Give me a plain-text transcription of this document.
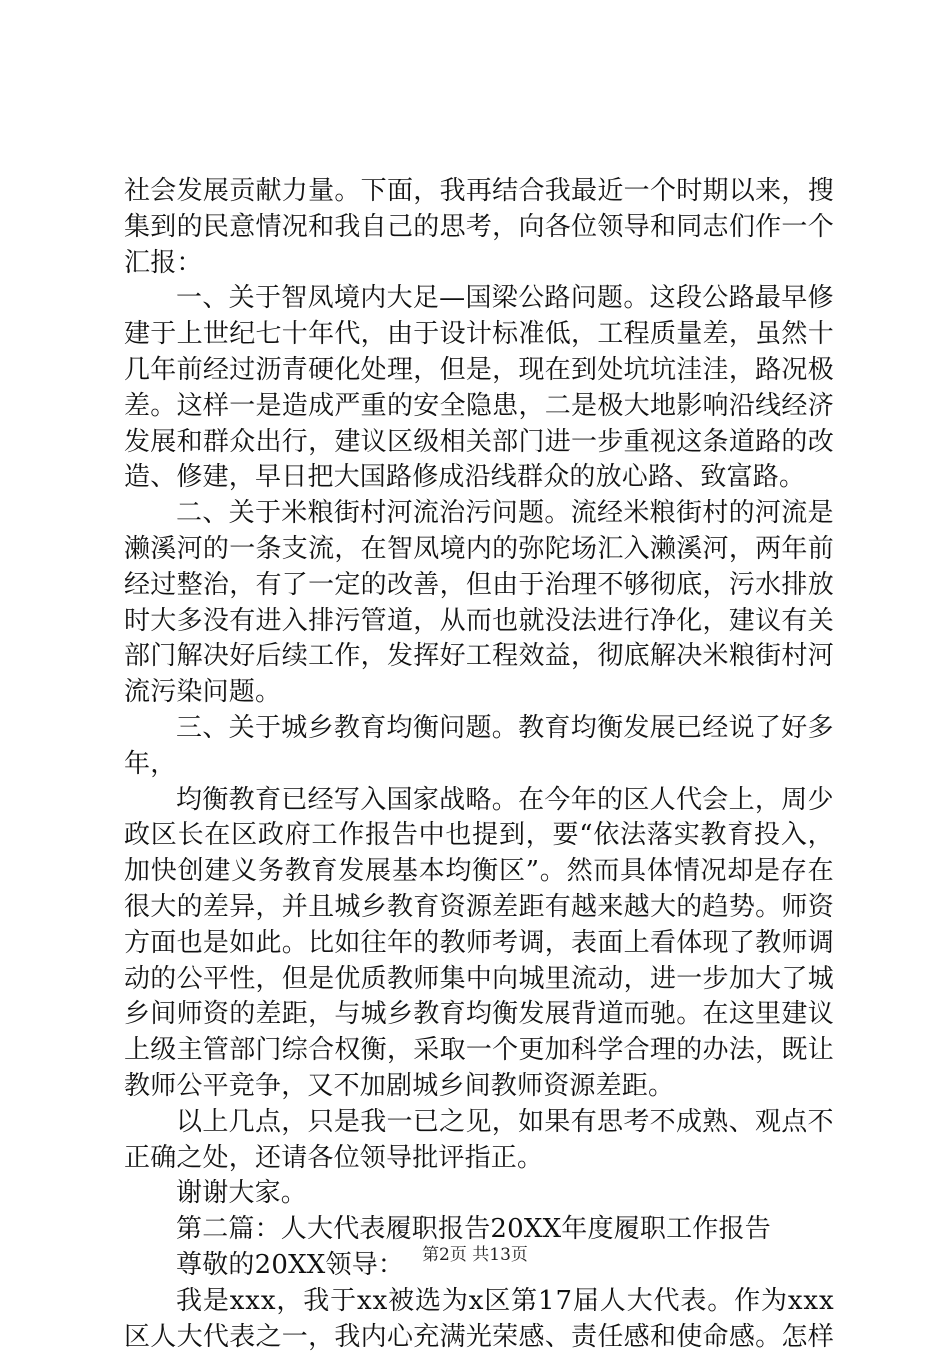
社 会 发 展 贡 献 力 量 。 下 面 ， 我 再 结 合 我 最 近 一 个 时 期 以 来 ， 搜
集 到 的 民 意 情 况 和 我 自 己 的 思 考 ， 向 各 位 领 导 和 同 志 们 作 一 个
汇报：
一 、 关 于 智 凤 境 内 大 足 — 国 梁 公 路 问 题 。 这 段 公 路 最 早 修
建 于 上 世 纪 七 十 年 代 ， 由 于 设 计 标 准 低 ， 工 程 质 量 差 ， 虽 然 十
几 年 前 经 过 沥 青 硬 化 处 理 ， 但 是 ， 现 在 到 处 坑 坑 洼 洼 ， 路 况 极
差 。 这 样 一 是 造 成 严 重 的 安 全 隐 患 ， 二 是 极 大 地 影 响 沿 线 经 济
发 展 和 群 众 出 行 ， 建 议 区 级 相 关 部 门 进 一 步 重 视 这 条 道 路 的 改
造、修建，早日把大国路修成沿线群众的放心路、致富路。
二 、 关 于 米 粮 街 村 河 流 治 污 问 题 。 流 经 米 粮 街 村 的 河 流 是
濑 溪 河 的 一 条 支 流 ， 在 智 凤 境 内 的 弥 陀 场 汇 入 濑 溪 河 ， 两 年 前
经 过 整 治 ， 有 了 一 定 的 改 善 ， 但 由 于 治 理 不 够 彻 底 ， 污 水 排 放
时 大 多 没 有 进 入 排 污 管 道 ， 从 而 也 就 没 法 进 行 净 化 ， 建 议 有 关
部 门 解 决 好 后 续 工 作 ， 发 挥 好 工 程 效 益 ， 彻 底 解 决 米 粮 街 村 河
流污染问题。
三 、 关 于 城 乡 教 育 均 衡 问 题 。 教 育 均 衡 发 展 已 经 说 了 好 多
年，
均 衡 教 育 已 经 写 入 国 家 战 略 。 在 今 年 的 区 人 代 会 上 ， 周 少
政 区 长 在 区 政 府 工 作 报 告 中 也 提 到 ， 要 “ 依 法 落 实 教 育 投 入 ，
加 快 创 建 义 务 教 育 发 展 基 本 均 衡 区 ” 。 然 而 具 体 情 况 却 是 存 在
很 大 的 差 异 ， 并 且 城 乡 教 育 资 源 差 距 有 越 来 越 大 的 趋 势 。 师 资
方 面 也 是 如 此 。 比 如 往 年 的 教 师 考 调 ， 表 面 上 看 体 现 了 教 师 调
动 的 公 平 性 ， 但 是 优 质 教 师 集 中 向 城 里 流 动 ， 进 一 步 加 大 了 城
乡 间 师 资 的 差 距 ， 与 城 乡 教 育 均 衡 发 展 背 道 而 驰 。 在 这 里 建 议
上 级 主 管 部 门 综 合 权 衡 ， 采 取 一 个 更 加 科 学 合 理 的 办 法 ， 既 让
教师公平竞争，又不加剧城乡间教师资源差距。
以 上 几 点 ， 只 是 我 一 已 之 见 ， 如 果 有 思 考 不 成 熟 、 观 点 不
正确之处，还请各位领导批评指正。
谢谢大家。
第二篇：人大代表履职报告20XX年度履职工作报告
尊敬的20XX领导：
我 是 x x x ， 我 于 x x 被 选 为 x 区 第 1 7 届 人 大 代 表 。 作 为 x x x
区 人 大 代 表 之 一 ， 我 内 心 充 满 光 荣 感 、 责 任 感 和 使 命 感 。 怎 样
第2页 共13页
